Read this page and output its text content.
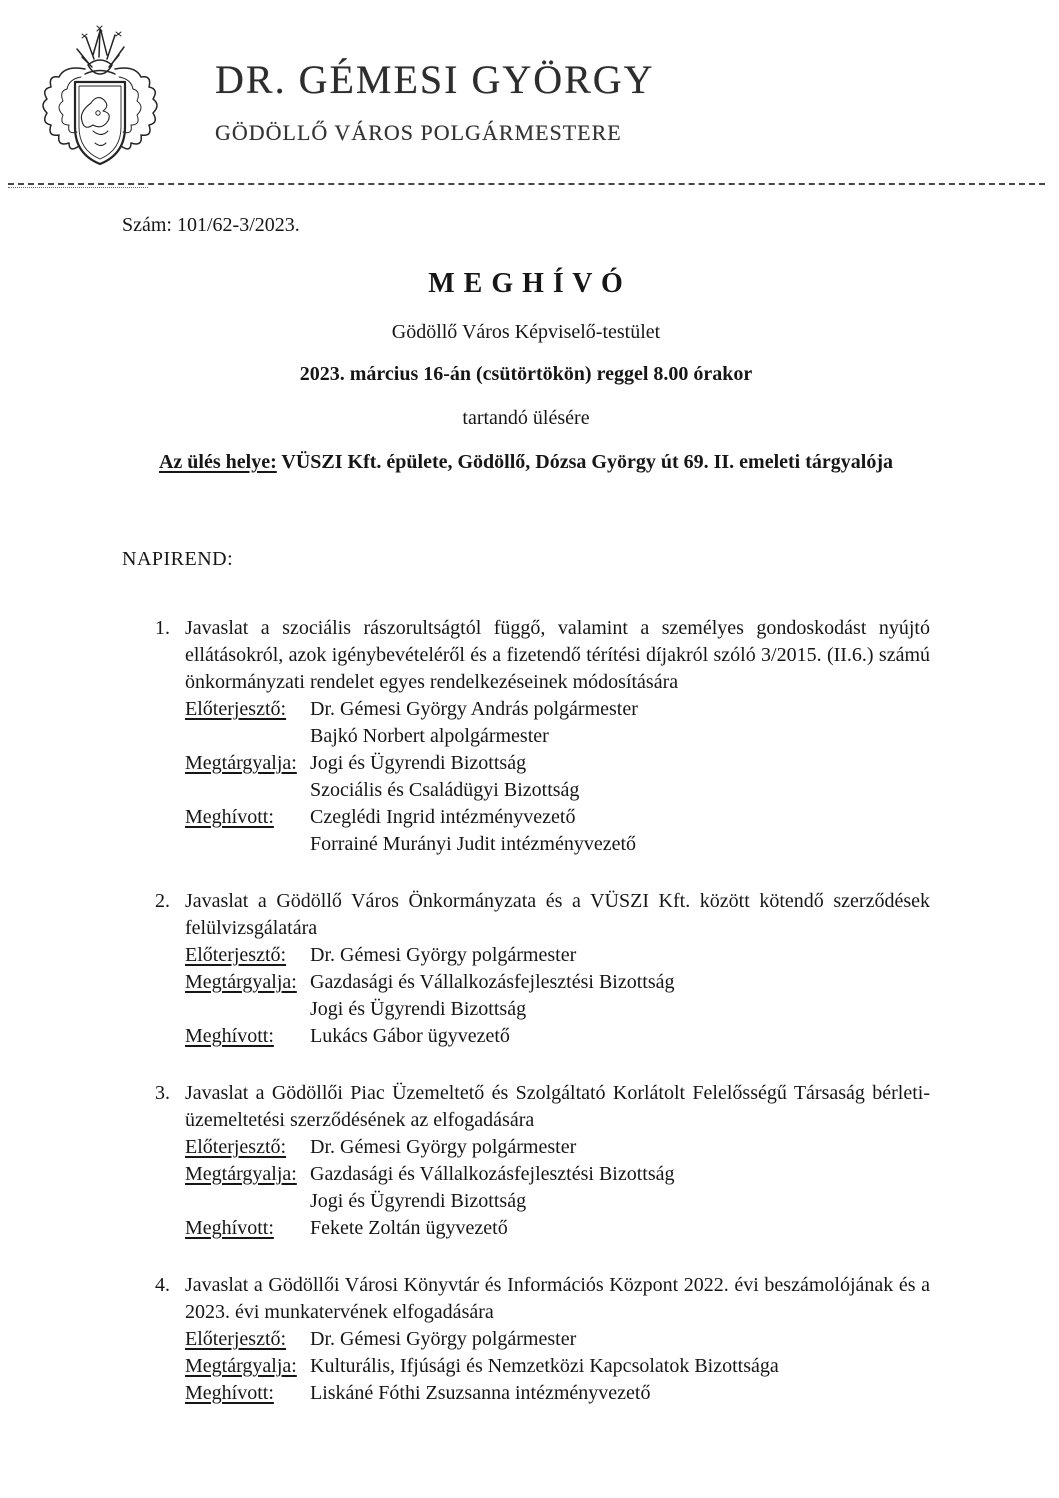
DR. GÉMESI GYÖRGY
GÖDÖLLŐ VÁROS POLGÁRMESTERE

Szám: 101/62-3/2023.

M E G H Í V Ó

Gödöllő Város Képviselő-testület

2023. március 16-án (csütörtökön) reggel 8.00 órakor

tartandó ülésére

Az ülés helye: VÜSZI Kft. épülete, Gödöllő, Dózsa György út 69. II. emeleti tárgyalója

NAPIREND:

1. Javaslat a szociális rászorultságtól függő, valamint a személyes gondoskodást nyújtó ellátásokról, azok igénybevételéről és a fizetendő térítési díjakról szóló 3/2015. (II.6.) számú önkormányzati rendelet egyes rendelkezéseinek módosítására

Előterjesztő:	Dr. Gémesi György András polgármester
Bajkó Norbert alpolgármester
Megtárgyalja: Jogi és Ügyrendi Bizottság
Szociális és Családügyi Bizottság
Meghívott:	Czeglédi Ingrid intézményvezető
Forrainé Murányi Judit intézményvezető
2. Javaslat a Gödöllő Város Önkormányzata és a VÜSZI Kft. között kötendő szerződések felülvizsgálatára

Előterjesztő:	Dr. Gémesi György polgármester
Megtárgyalja: Gazdasági és Vállalkozásfejlesztési Bizottság
Jogi és Ügyrendi Bizottság
Meghívott:	Lukács Gábor ügyvezető
3. Javaslat a Gödöllői Piac Üzemeltető és Szolgáltató Korlátolt Felelősségű Társaság bérleti-üzemeltetési szerződésének az elfogadására

Előterjesztő:	Dr. Gémesi György polgármester
Megtárgyalja: Gazdasági és Vállalkozásfejlesztési Bizottság
Jogi és Ügyrendi Bizottság
Meghívott:	Fekete Zoltán ügyvezető
4. Javaslat a Gödöllői Városi Könyvtár és Információs Központ 2022. évi beszámolójának és a 2023. évi munkatervének elfogadására

Előterjesztő:	Dr. Gémesi György polgármester
Megtárgyalja: Kulturális, Ifjúsági és Nemzetközi Kapcsolatok Bizottsága
Meghívott:	Liskáné Fóthi Zsuzsanna intézményvezető
